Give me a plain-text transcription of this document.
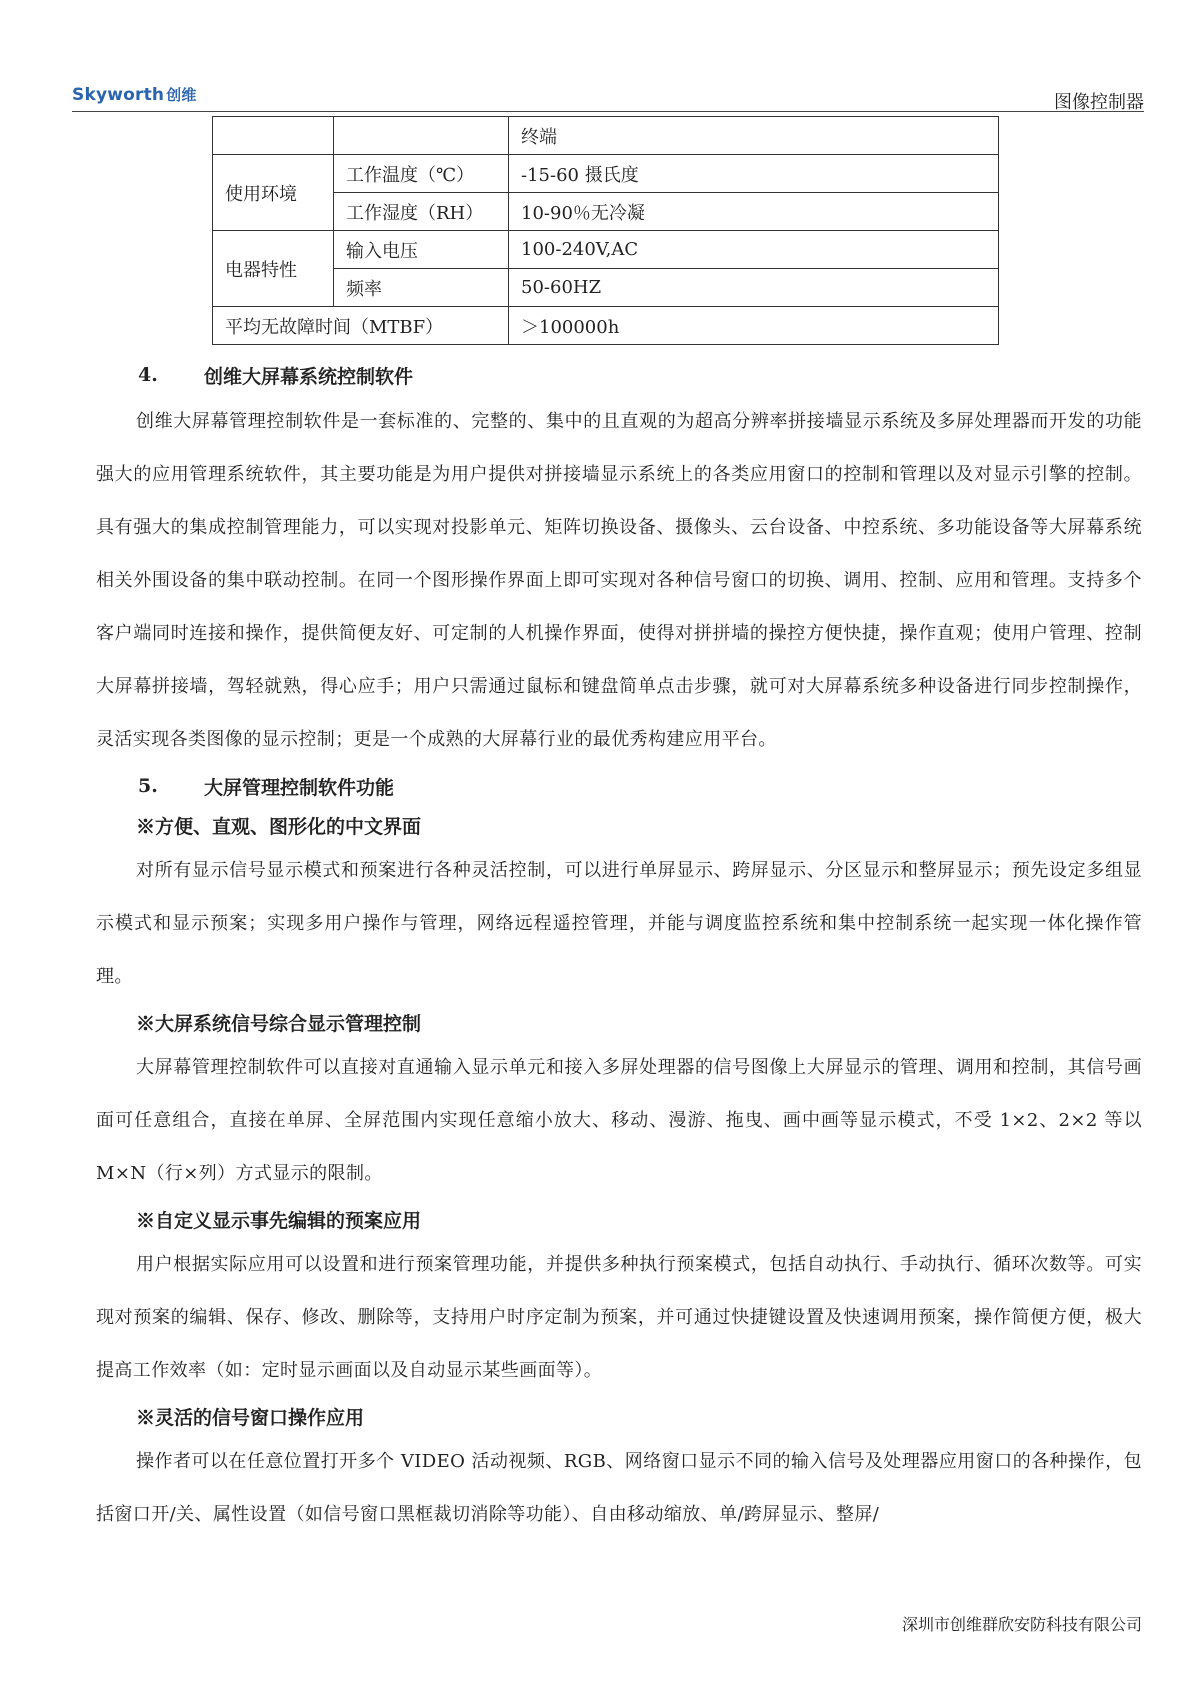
Skyworth 创维	图像控制器
		终端
使用环境	工作温度（℃）	-15-60 摄氏度
	工作湿度（RH）	10-90％无冷凝
电器特性	输入电压	100-240V,AC
	频率	50-60HZ
平均无故障时间（MTBF）		＞100000h
4.	创维大屏幕系统控制软件

创维大屏幕管理控制软件是一套标准的、完整的、集中的且直观的为超高分辨率拼接墙显示系统及多屏处理器而开发的功能强大的应用管理系统软件，其主要功能是为用户提供对拼接墙显示系统上的各类应用窗口的控制和管理以及对显示引擎的控制。具有强大的集成控制管理能力，可以实现对投影单元、矩阵切换设备、摄像头、云台设备、中控系统、多功能设备等大屏幕系统相关外围设备的集中联动控制。在同一个图形操作界面上即可实现对各种信号窗口的切换、调用、控制、应用和管理。支持多个客户端同时连接和操作，提供简便友好、可定制的人机操作界面，使得对拼拼墙的操控方便快捷，操作直观；使用户管理、控制大屏幕拼接墙，驾轻就熟，得心应手；用户只需通过鼠标和键盘简单点击步骤，就可对大屏幕系统多种设备进行同步控制操作，灵活实现各类图像的显示控制；更是一个成熟的大屏幕行业的最优秀构建应用平台。

5.	大屏管理控制软件功能
※方便、直观、图形化的中文界面

对所有显示信号显示模式和预案进行各种灵活控制，可以进行单屏显示、跨屏显示、分区显示和整屏显示；预先设定多组显示模式和显示预案；实现多用户操作与管理，网络远程遥控管理，并能与调度监控系统和集中控制系统一起实现一体化操作管理。

※大屏系统信号综合显示管理控制

大屏幕管理控制软件可以直接对直通输入显示单元和接入多屏处理器的信号图像上大屏显示的管理、调用和控制，其信号画面可任意组合，直接在单屏、全屏范围内实现任意缩小放大、移动、漫游、拖曳、画中画等显示模式，不受 1×2、2×2 等以 M×N（行×列）方式显示的限制。

※自定义显示事先编辑的预案应用

用户根据实际应用可以设置和进行预案管理功能，并提供多种执行预案模式，包括自动执行、手动执行、循环次数等。可实现对预案的编辑、保存、修改、删除等，支持用户时序定制为预案，并可通过快捷键设置及快速调用预案，操作简便方便，极大提高工作效率（如：定时显示画面以及自动显示某些画面等）。

※灵活的信号窗口操作应用

操作者可以在任意位置打开多个 VIDEO 活动视频、RGB、网络窗口显示不同的输入信号及处理器应用窗口的各种操作，包括窗口开/关、属性设置（如信号窗口黑框裁切消除等功能）、自由移动缩放、单/跨屏显示、整屏/

深圳市创维群欣安防科技有限公司
